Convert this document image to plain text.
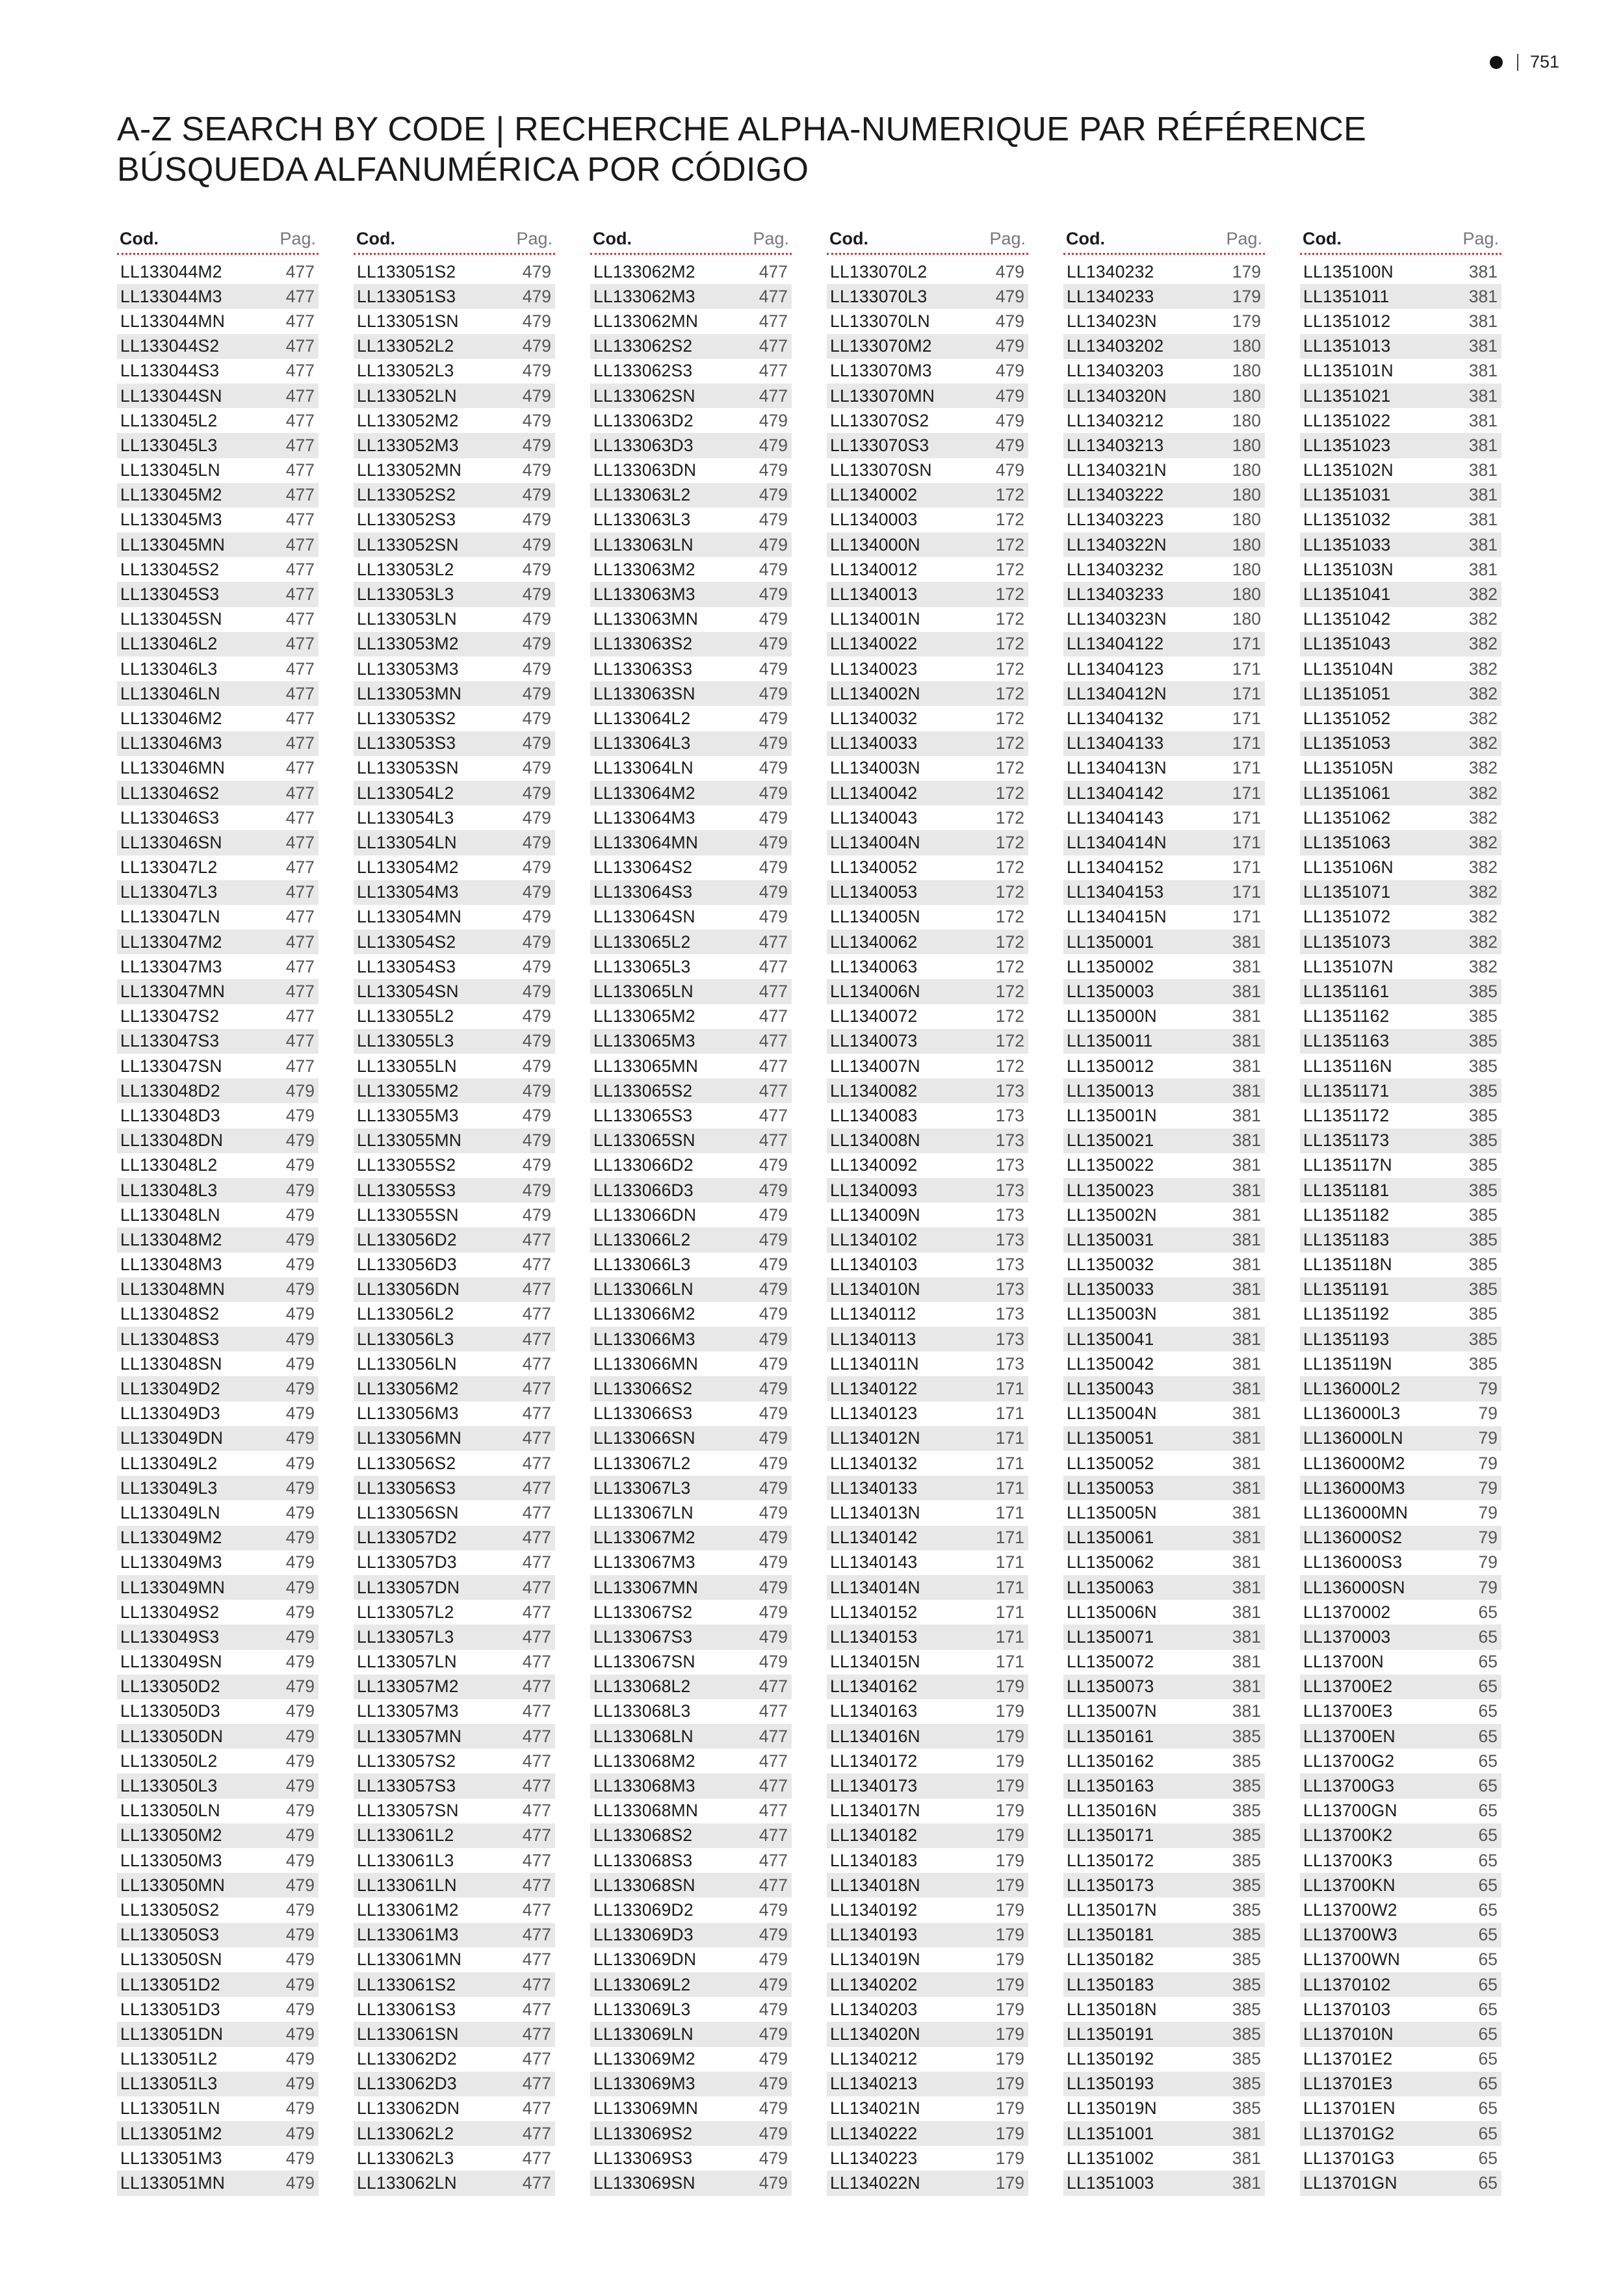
751
A-Z SEARCH BY CODE | RECHERCHE ALPHA-NUMERIQUE PAR RÉFÉRENCE
BÚSQUEDA ALFANUMÉRICA POR CÓDIGO
Cod.	Pag.
LL133044M2	477
LL133044M3	477
LL133044MN	477
LL133044S2	477
LL133044S3	477
LL133044SN	477
LL133045L2	477
LL133045L3	477
LL133045LN	477
LL133045M2	477
LL133045M3	477
LL133045MN	477
LL133045S2	477
LL133045S3	477
LL133045SN	477
LL133046L2	477
LL133046L3	477
LL133046LN	477
LL133046M2	477
LL133046M3	477
LL133046MN	477
LL133046S2	477
LL133046S3	477
LL133046SN	477
LL133047L2	477
LL133047L3	477
LL133047LN	477
LL133047M2	477
LL133047M3	477
LL133047MN	477
LL133047S2	477
LL133047S3	477
LL133047SN	477
LL133048D2	479
LL133048D3	479
LL133048DN	479
LL133048L2	479
LL133048L3	479
LL133048LN	479
LL133048M2	479
LL133048M3	479
LL133048MN	479
LL133048S2	479
LL133048S3	479
LL133048SN	479
LL133049D2	479
LL133049D3	479
LL133049DN	479
LL133049L2	479
LL133049L3	479
LL133049LN	479
LL133049M2	479
LL133049M3	479
LL133049MN	479
LL133049S2	479
LL133049S3	479
LL133049SN	479
LL133050D2	479
LL133050D3	479
LL133050DN	479
LL133050L2	479
LL133050L3	479
LL133050LN	479
LL133050M2	479
LL133050M3	479
LL133050MN	479
LL133050S2	479
LL133050S3	479
LL133050SN	479
LL133051D2	479
LL133051D3	479
LL133051DN	479
LL133051L2	479
LL133051L3	479
LL133051LN	479
LL133051M2	479
LL133051M3	479
LL133051MN	479
Cod.	Pag.
LL133051S2	479
LL133051S3	479
LL133051SN	479
LL133052L2	479
LL133052L3	479
LL133052LN	479
LL133052M2	479
LL133052M3	479
LL133052MN	479
LL133052S2	479
LL133052S3	479
LL133052SN	479
LL133053L2	479
LL133053L3	479
LL133053LN	479
LL133053M2	479
LL133053M3	479
LL133053MN	479
LL133053S2	479
LL133053S3	479
LL133053SN	479
LL133054L2	479
LL133054L3	479
LL133054LN	479
LL133054M2	479
LL133054M3	479
LL133054MN	479
LL133054S2	479
LL133054S3	479
LL133054SN	479
LL133055L2	479
LL133055L3	479
LL133055LN	479
LL133055M2	479
LL133055M3	479
LL133055MN	479
LL133055S2	479
LL133055S3	479
LL133055SN	479
LL133056D2	477
LL133056D3	477
LL133056DN	477
LL133056L2	477
LL133056L3	477
LL133056LN	477
LL133056M2	477
LL133056M3	477
LL133056MN	477
LL133056S2	477
LL133056S3	477
LL133056SN	477
LL133057D2	477
LL133057D3	477
LL133057DN	477
LL133057L2	477
LL133057L3	477
LL133057LN	477
LL133057M2	477
LL133057M3	477
LL133057MN	477
LL133057S2	477
LL133057S3	477
LL133057SN	477
LL133061L2	477
LL133061L3	477
LL133061LN	477
LL133061M2	477
LL133061M3	477
LL133061MN	477
LL133061S2	477
LL133061S3	477
LL133061SN	477
LL133062D2	477
LL133062D3	477
LL133062DN	477
LL133062L2	477
LL133062L3	477
LL133062LN	477
Cod.	Pag.
LL133062M2	477
LL133062M3	477
LL133062MN	477
LL133062S2	477
LL133062S3	477
LL133062SN	477
LL133063D2	479
LL133063D3	479
LL133063DN	479
LL133063L2	479
LL133063L3	479
LL133063LN	479
LL133063M2	479
LL133063M3	479
LL133063MN	479
LL133063S2	479
LL133063S3	479
LL133063SN	479
LL133064L2	479
LL133064L3	479
LL133064LN	479
LL133064M2	479
LL133064M3	479
LL133064MN	479
LL133064S2	479
LL133064S3	479
LL133064SN	479
LL133065L2	477
LL133065L3	477
LL133065LN	477
LL133065M2	477
LL133065M3	477
LL133065MN	477
LL133065S2	477
LL133065S3	477
LL133065SN	477
LL133066D2	479
LL133066D3	479
LL133066DN	479
LL133066L2	479
LL133066L3	479
LL133066LN	479
LL133066M2	479
LL133066M3	479
LL133066MN	479
LL133066S2	479
LL133066S3	479
LL133066SN	479
LL133067L2	479
LL133067L3	479
LL133067LN	479
LL133067M2	479
LL133067M3	479
LL133067MN	479
LL133067S2	479
LL133067S3	479
LL133067SN	479
LL133068L2	477
LL133068L3	477
LL133068LN	477
LL133068M2	477
LL133068M3	477
LL133068MN	477
LL133068S2	477
LL133068S3	477
LL133068SN	477
LL133069D2	479
LL133069D3	479
LL133069DN	479
LL133069L2	479
LL133069L3	479
LL133069LN	479
LL133069M2	479
LL133069M3	479
LL133069MN	479
LL133069S2	479
LL133069S3	479
LL133069SN	479
Cod.	Pag.
LL133070L2	479
LL133070L3	479
LL133070LN	479
LL133070M2	479
LL133070M3	479
LL133070MN	479
LL133070S2	479
LL133070S3	479
LL133070SN	479
LL1340002	172
LL1340003	172
LL134000N	172
LL1340012	172
LL1340013	172
LL134001N	172
LL1340022	172
LL1340023	172
LL134002N	172
LL1340032	172
LL1340033	172
LL134003N	172
LL1340042	172
LL1340043	172
LL134004N	172
LL1340052	172
LL1340053	172
LL134005N	172
LL1340062	172
LL1340063	172
LL134006N	172
LL1340072	172
LL1340073	172
LL134007N	172
LL1340082	173
LL1340083	173
LL134008N	173
LL1340092	173
LL1340093	173
LL134009N	173
LL1340102	173
LL1340103	173
LL134010N	173
LL1340112	173
LL1340113	173
LL134011N	173
LL1340122	171
LL1340123	171
LL134012N	171
LL1340132	171
LL1340133	171
LL134013N	171
LL1340142	171
LL1340143	171
LL134014N	171
LL1340152	171
LL1340153	171
LL134015N	171
LL1340162	179
LL1340163	179
LL134016N	179
LL1340172	179
LL1340173	179
LL134017N	179
LL1340182	179
LL1340183	179
LL134018N	179
LL1340192	179
LL1340193	179
LL134019N	179
LL1340202	179
LL1340203	179
LL134020N	179
LL1340212	179
LL1340213	179
LL134021N	179
LL1340222	179
LL1340223	179
LL134022N	179
Cod.	Pag.
LL1340232	179
LL1340233	179
LL134023N	179
LL13403202	180
LL13403203	180
LL1340320N	180
LL13403212	180
LL13403213	180
LL1340321N	180
LL13403222	180
LL13403223	180
LL1340322N	180
LL13403232	180
LL13403233	180
LL1340323N	180
LL13404122	171
LL13404123	171
LL1340412N	171
LL13404132	171
LL13404133	171
LL1340413N	171
LL13404142	171
LL13404143	171
LL1340414N	171
LL13404152	171
LL13404153	171
LL1340415N	171
LL1350001	381
LL1350002	381
LL1350003	381
LL135000N	381
LL1350011	381
LL1350012	381
LL1350013	381
LL135001N	381
LL1350021	381
LL1350022	381
LL1350023	381
LL135002N	381
LL1350031	381
LL1350032	381
LL1350033	381
LL135003N	381
LL1350041	381
LL1350042	381
LL1350043	381
LL135004N	381
LL1350051	381
LL1350052	381
LL1350053	381
LL135005N	381
LL1350061	381
LL1350062	381
LL1350063	381
LL135006N	381
LL1350071	381
LL1350072	381
LL1350073	381
LL135007N	381
LL1350161	385
LL1350162	385
LL1350163	385
LL135016N	385
LL1350171	385
LL1350172	385
LL1350173	385
LL135017N	385
LL1350181	385
LL1350182	385
LL1350183	385
LL135018N	385
LL1350191	385
LL1350192	385
LL1350193	385
LL135019N	385
LL1351001	381
LL1351002	381
LL1351003	381
Cod.	Pag.
LL135100N	381
LL1351011	381
LL1351012	381
LL1351013	381
LL135101N	381
LL1351021	381
LL1351022	381
LL1351023	381
LL135102N	381
LL1351031	381
LL1351032	381
LL1351033	381
LL135103N	381
LL1351041	382
LL1351042	382
LL1351043	382
LL135104N	382
LL1351051	382
LL1351052	382
LL1351053	382
LL135105N	382
LL1351061	382
LL1351062	382
LL1351063	382
LL135106N	382
LL1351071	382
LL1351072	382
LL1351073	382
LL135107N	382
LL1351161	385
LL1351162	385
LL1351163	385
LL135116N	385
LL1351171	385
LL1351172	385
LL1351173	385
LL135117N	385
LL1351181	385
LL1351182	385
LL1351183	385
LL135118N	385
LL1351191	385
LL1351192	385
LL1351193	385
LL135119N	385
LL136000L2	79
LL136000L3	79
LL136000LN	79
LL136000M2	79
LL136000M3	79
LL136000MN	79
LL136000S2	79
LL136000S3	79
LL136000SN	79
LL1370002	65
LL1370003	65
LL13700N	65
LL13700E2	65
LL13700E3	65
LL13700EN	65
LL13700G2	65
LL13700G3	65
LL13700GN	65
LL13700K2	65
LL13700K3	65
LL13700KN	65
LL13700W2	65
LL13700W3	65
LL13700WN	65
LL1370102	65
LL1370103	65
LL137010N	65
LL13701E2	65
LL13701E3	65
LL13701EN	65
LL13701G2	65
LL13701G3	65
LL13701GN	65
